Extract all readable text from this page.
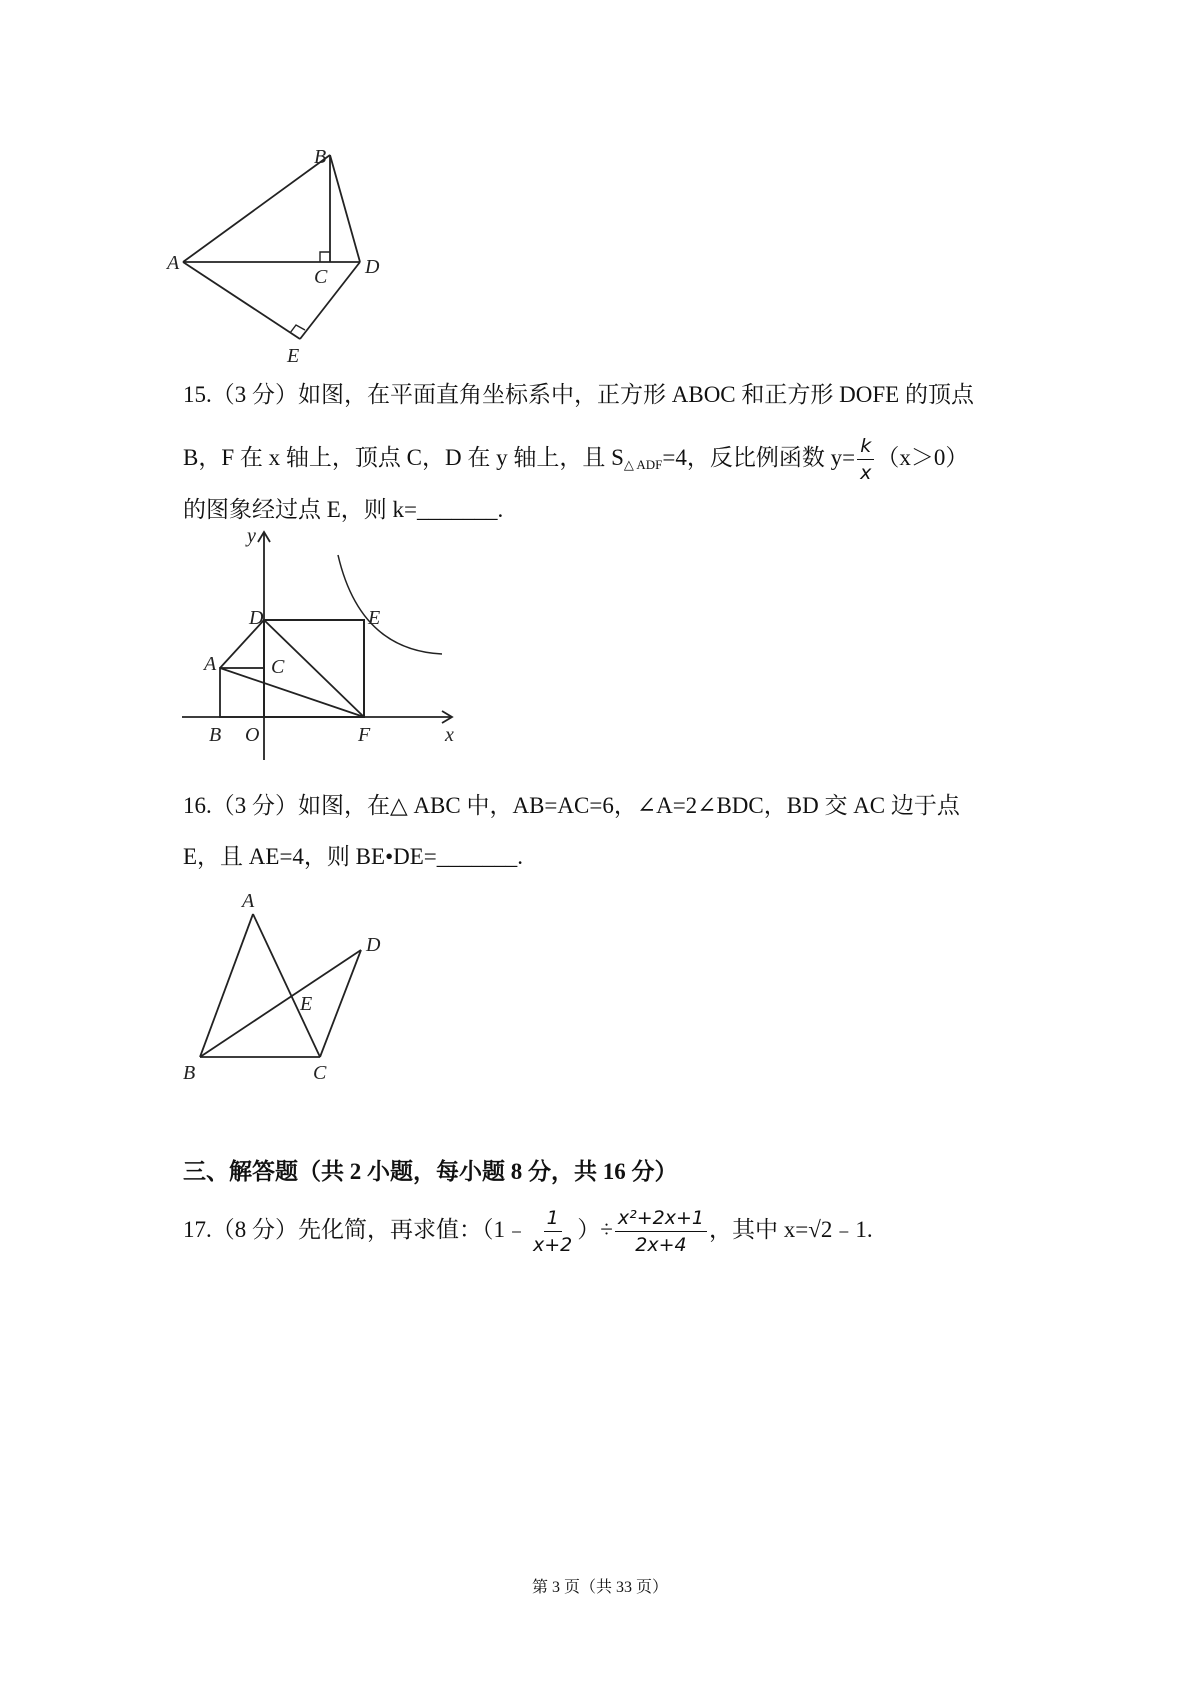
A
B
C D
E
15.（3 分）如图，在平面直角坐标系中，正方形 ABOC 和正方形 DOFE 的顶点
B，F 在 x 轴上，顶点 C，D 在 y 轴上，且 S△ ADF=4，反比例函数 $y= \frac{k}{x} (x>0)$
的图象经过点 E，则 k=_______.
y
x
A
B
C
D	E
F
O
16.（3 分）如图，在△ ABC 中，AB=AC=6，∠A=2∠BDC，BD 交 AC 边于点
E，且 AE=4，则 BE•DE=_______.
A
B	C
D
E
三、解答题（共 2 小题，每小题 8 分，共 16 分）
17.（8 分）先化简，再求值：（1﹣ $\frac{1}{x+2}$ ）÷ $\frac{\text{x²+2x+1}}{2x+4}$ ，其中 x=√2﹣1.
第 3 页（共 33 页）
